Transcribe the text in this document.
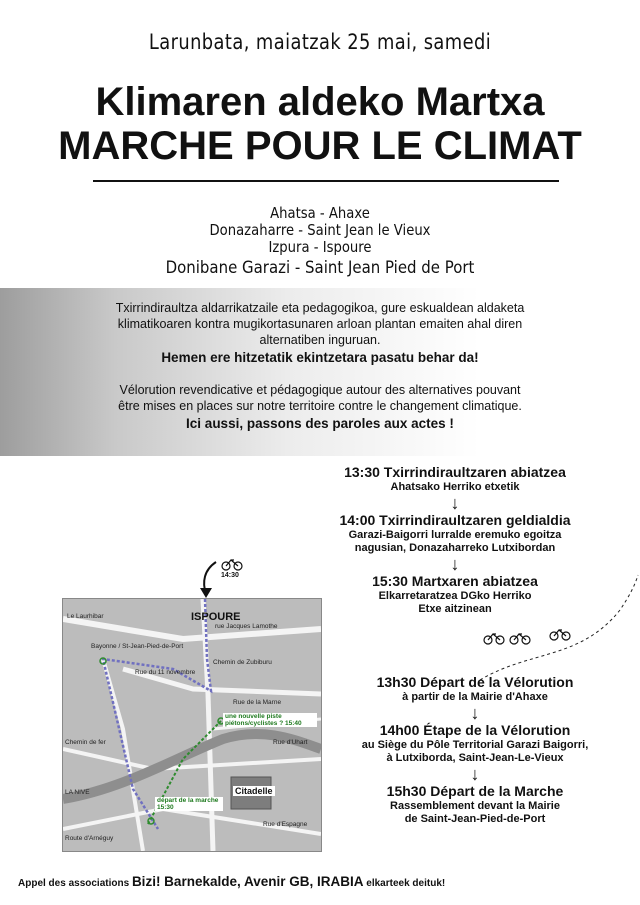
Larunbata, maiatzak 25 mai, samedi
Klimaren aldeko Martxa
MARCHE POUR LE CLIMAT
Ahatsa - Ahaxe
Donazaharre - Saint Jean le Vieux
Izpura - Ispoure
Donibane Garazi - Saint Jean Pied de Port
Txirrindiraultza aldarrikatzaile eta pedagogikoa, gure eskualdean aldaketa klimatikoaren kontra mugikortasunaren arloan plantan emaiten ahal diren alternatiben inguruan.
Hemen ere hitzetatik ekintzetara pasatu behar da!
Vélorution revendicative et pédagogique autour des alternatives pouvant être mises en places sur notre territoire contre le changement climatique.
Ici aussi, passons des paroles aux actes !
13:30 Txirrindiraultzaren abiatzea
Ahatsako Herriko etxetik
↓
14:00 Txirrindiraultzaren geldialdia
Garazi-Baigorri lurralde eremuko egoitza
nagusian, Donazaharreko Lutxibordan
↓
15:30 Martxaren abiatzea
Elkarretaratzea DGko Herriko
Etxe aitzinean
14:30
ISPOURE
Le Laurhibar
rue Jacques Lamothe
Bayonne / St-Jean-Pied-de-Port
Rue du 11 novembre
Chemin de Zubiburu
Rue de la Marne
une nouvelle piste piétons/cyclistes ? 15:40
Rue d'Uhart
Chemin de fer
Citadelle
départ de la marche 15:30
LA NIVE
Route d'Arnéguy
Rue d'Espagne
13h30 Départ de la Vélorution
à partir de la Mairie d'Ahaxe
↓
14h00 Étape de la Vélorution
au Siège du Pôle Territorial Garazi Baigorri,
à Lutxiborda, Saint-Jean-Le-Vieux
↓
15h30 Départ de la Marche
Rassemblement devant la Mairie
de Saint-Jean-Pied-de-Port
Appel des associations Bizi! Barnekalde, Avenir GB, IRABIA elkarteek deituk!
